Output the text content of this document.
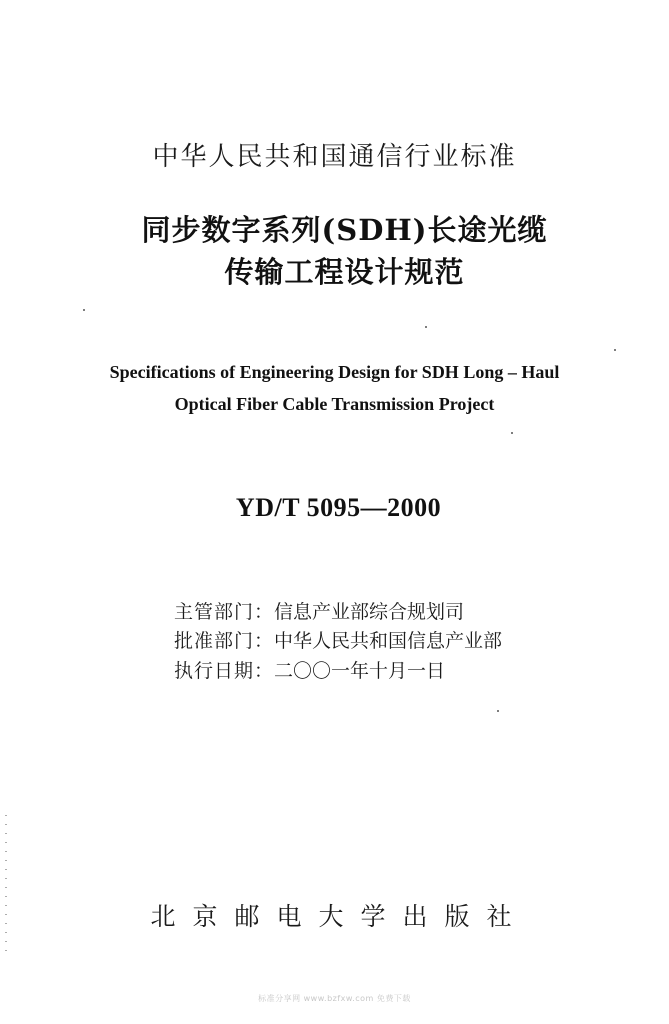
中华人民共和国通信行业标准
同步数字系列(SDH)长途光缆
传输工程设计规范
Specifications of Engineering Design for SDH Long – Haul
Optical Fiber Cable Transmission Project
YD/T 5095—2000
主管部门：信息产业部综合规划司
批准部门：中华人民共和国信息产业部
执行日期：二〇〇一年十月一日
北京邮电大学出版社
标准分享网 www.bzfxw.com 免费下载
